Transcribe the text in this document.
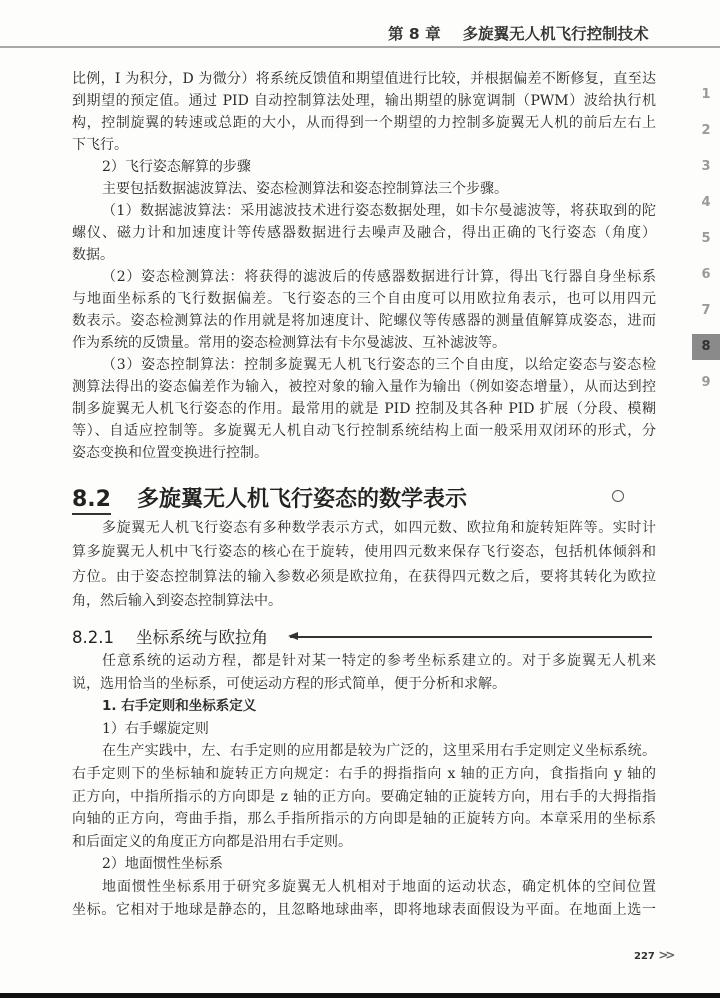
第 8 章 多旋翼无人机飞行控制技术
1
2
3
4
5
6
7
8
9
比例，I 为积分，D 为微分）将系统反馈值和期望值进行比较，并根据偏差不断修复，直至达
到期望的预定值。通过 PID 自动控制算法处理，输出期望的脉宽调制（PWM）波给执行机
构，控制旋翼的转速或总距的大小，从而得到一个期望的力控制多旋翼无人机的前后左右上
下飞行。
2）飞行姿态解算的步骤
主要包括数据滤波算法、姿态检测算法和姿态控制算法三个步骤。
（1）数据滤波算法：采用滤波技术进行姿态数据处理，如卡尔曼滤波等，将获取到的陀
螺仪、磁力计和加速度计等传感器数据进行去噪声及融合，得出正确的飞行姿态（角度）
数据。
（2）姿态检测算法：将获得的滤波后的传感器数据进行计算，得出飞行器自身坐标系
与地面坐标系的飞行数据偏差。飞行姿态的三个自由度可以用欧拉角表示，也可以用四元
数表示。姿态检测算法的作用就是将加速度计、陀螺仪等传感器的测量值解算成姿态，进而
作为系统的反馈量。常用的姿态检测算法有卡尔曼滤波、互补滤波等。
（3）姿态控制算法：控制多旋翼无人机飞行姿态的三个自由度，以给定姿态与姿态检
测算法得出的姿态偏差作为输入，被控对象的输入量作为输出（例如姿态增量），从而达到控
制多旋翼无人机飞行姿态的作用。最常用的就是 PID 控制及其各种 PID 扩展（分段、模糊
等）、自适应控制等。多旋翼无人机自动飞行控制系统结构上面一般采用双闭环的形式，分
姿态变换和位置变换进行控制。
8.2 多旋翼无人机飞行姿态的数学表示
多旋翼无人机飞行姿态有多种数学表示方式，如四元数、欧拉角和旋转矩阵等。实时计
算多旋翼无人机中飞行姿态的核心在于旋转，使用四元数来保存飞行姿态，包括机体倾斜和
方位。由于姿态控制算法的输入参数必须是欧拉角，在获得四元数之后，要将其转化为欧拉
角，然后输入到姿态控制算法中。
8.2.1 坐标系统与欧拉角
任意系统的运动方程，都是针对某一特定的参考坐标系建立的。对于多旋翼无人机来
说，选用恰当的坐标系，可使运动方程的形式简单，便于分析和求解。
1. 右手定则和坐标系定义
1）右手螺旋定则
在生产实践中，左、右手定则的应用都是较为广泛的，这里采用右手定则定义坐标系统。
右手定则下的坐标轴和旋转正方向规定：右手的拇指指向 x 轴的正方向，食指指向 y 轴的
正方向，中指所指示的方向即是 z 轴的正方向。要确定轴的正旋转方向，用右手的大拇指指
向轴的正方向，弯曲手指，那么手指所指示的方向即是轴的正旋转方向。本章采用的坐标系
和后面定义的角度正方向都是沿用右手定则。
2）地面惯性坐标系
地面惯性坐标系用于研究多旋翼无人机相对于地面的运动状态，确定机体的空间位置
坐标。它相对于地球是静态的，且忽略地球曲率，即将地球表面假设为平面。在地面上选一
227 >>
